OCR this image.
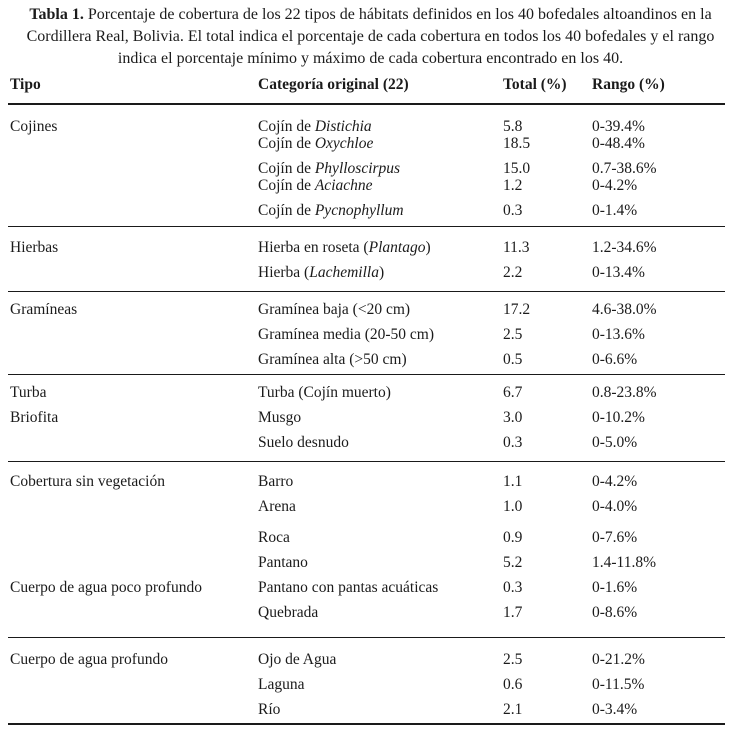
Tabla 1. Porcentaje de cobertura de los 22 tipos de hábitats definidos en los 40 bofedales altoandinos en la Cordillera Real, Bolivia. El total indica el porcentaje de cada cobertura en todos los 40 bofedales y el rango indica el porcentaje mínimo y máximo de cada cobertura encontrado en los 40.
Tipo	Categoría original (22)	Total (%)	Rango (%)
Cojines	Cojín de Distichia	5.8	0-39.4%
Cojín de Oxychloe	18.5	0-48.4%
Cojín de Phylloscirpus	15.0	0.7-38.6%
Cojín de Aciachne	1.2	0-4.2%
Cojín de Pycnophyllum	0.3	0-1.4%
Hierbas	Hierba en roseta (Plantago)	11.3	1.2-34.6%
Hierba (Lachemilla)	2.2	0-13.4%
Gramíneas	Gramínea baja (<20 cm)	17.2	4.6-38.0%
Gramínea media (20-50 cm)	2.5	0-13.6%
Gramínea alta (>50 cm)	0.5	0-6.6%
Turba	Turba (Cojín muerto)	6.7	0.8-23.8%
Briofita	Musgo	3.0	0-10.2%
Suelo desnudo	0.3	0-5.0%
Cobertura sin vegetación	Barro	1.1	0-4.2%
Arena	1.0	0-4.0%
Roca	0.9	0-7.6%
Pantano	5.2	1.4-11.8%
Cuerpo de agua poco profundo	Pantano con pantas acuáticas	0.3	0-1.6%
Quebrada	1.7	0-8.6%
Cuerpo de agua profundo	Ojo de Agua	2.5	0-21.2%
Laguna	0.6	0-11.5%
Río	2.1	0-3.4%
